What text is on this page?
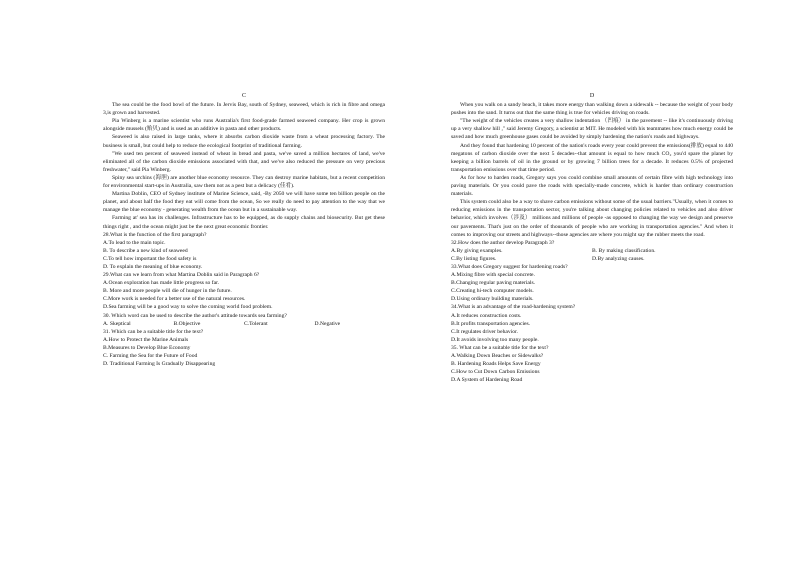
C

The sea could be the food bowl of the future. In Jervis Bay, south of Sydney, seaweed, which is rich in fibre and omega 3,is grown and harvested.

Pia Winberg is a marine scientist who runs Australia's first food-grade farmed seaweed company. Her crop is grown alongside mussels (贻贝) and is used as an additive in pasta and other products.

Seaweed is also raised in large tanks, where it absorbs carbon dioxide waste from a wheat processing factory. The business is small, but could help to reduce the ecological footprint of traditional farming.

"We used ten percent of seaweed instead of wheat in bread and pasta, we've saved a million hectares of land, we've eliminated all of the carbon dioxide emissions associated with that, and we've also reduced the pressure on very precious freshwater," said Pia Winberg.

Spiny sea urchins (海胆) are another blue economy resource. They can destroy marine habitats, but a recent competition for environmental start-ups in Australia, saw them not as a pest but a delicacy (佳肴).

Martina Doblin, CEO of Sydney institute of Marine Science, said, -By 2050 we will have some ten billion people on the planet, and about half the food they eat will come from the ocean, So we really do need to pay attention to the way that we manage the blue economy - generating wealth from the ocean but in a sustainable way.

Farming at' sea has its challenges. Infrastructure has to be equipped, as do supply chains and biosecurity. But get these things right , and the ocean might just be the next great economic frontier.

28.What is the function of the first paragraph?

A.To lead to the main topic.

B. To describe a new kind of seaweed

C.To tell how important the food safety is

D. To explain the meaning of blue economy.

29.What can we learn from what Martina Doblin said in Paragraph 6?

A.Ocean exploration has made little progress so far.

B. More and more people will die of hunger in the future.

C.More work is needed for a better use of the natural resources.

D.Sea farming will be a good way to solve the coming world food problem.

30. Which word can be used to describe the author's attitude towards sea farming?

A. Skeptical	B.Objective	C.Tolerant	D.Negative

31. Which can be a suitable title for the text?

A.How to Protect the Marine Animals

B.Measures to Develop Blue Economy

C. Farming the Sea for the Future of Food

D. Traditional Farming Is Gradually Disappearing

D

When you walk on a sandy beach, it takes more energy than walking down a sidewalk -- because the weight of your body pushes into the sand. It turns out that the same thing is true for vehicles driving on roads.

"The weight of the vehicles creates a very shallow indentation （凹痕） in the pavement -- like it's continuously driving up a very shallow hill ," said Jeremy Gregory, a scientist at MIT. He modeled with his teammates how much energy could be saved and how much greenhouse gases could be avoided by simply hardening the nation's roads and highways.

And they found that hardening 10 percent of the nation's roads every year could prevent the emissions(排放) equal to 440 megatons of carbon dioxide over the next 5 decades--that amount is equal to how much CO₂ you'd spare the planet by keeping a billion barrels of oil in the ground or by growing 7 billion trees for a decade. It reduces 0.5% of projected transportation emissions over that time period.

As for how to harden roads, Gregory says you could combine small amounts of certain fibre with high technology into paving materials. Or you could pave the roads with specially-made concrete, which is harder than ordinary construction materials.

This system could also be a way to shave carbon emissions without some of the usual barriers."Usually, when it comes to reducing emissions in the transportation sector, you're talking about changing policies related to vehicles and also driver behavior, which involves（涉及） millions and millions of people -as opposed to changing the way we design and preserve our pavements. That's just on the order of thousands of people who are working in transportation agencies." And when it comes to improving our streets and highways--those agencies are where you might say the rubber meets the road.

32.How does the author develop Paragraph 3?

A.By giving examples.	B. By making classification.
C.By listing figures.	D.By analyzing causes.

33.What does Gregory suggest for hardening roads?

A.Mixing fibre with special concrete.

B.Changing regular paving materials.

C.Creating hi-tech computer models.

D.Using ordinary building materials.

34.What is an advantage of the road-hardening system?

A.It reduces construction costs.

B.It profits transportation agencies.

C.It regulates driver behavior.

D.It avoids involving too many people.

35. What can be a suitable title for the text?

A.Walking Down Beaches or Sidewalks?

B. Hardening Roads Helps Save Energy

C.How to Cut Down Carbon Emissions

D.A System of Hardening Road
